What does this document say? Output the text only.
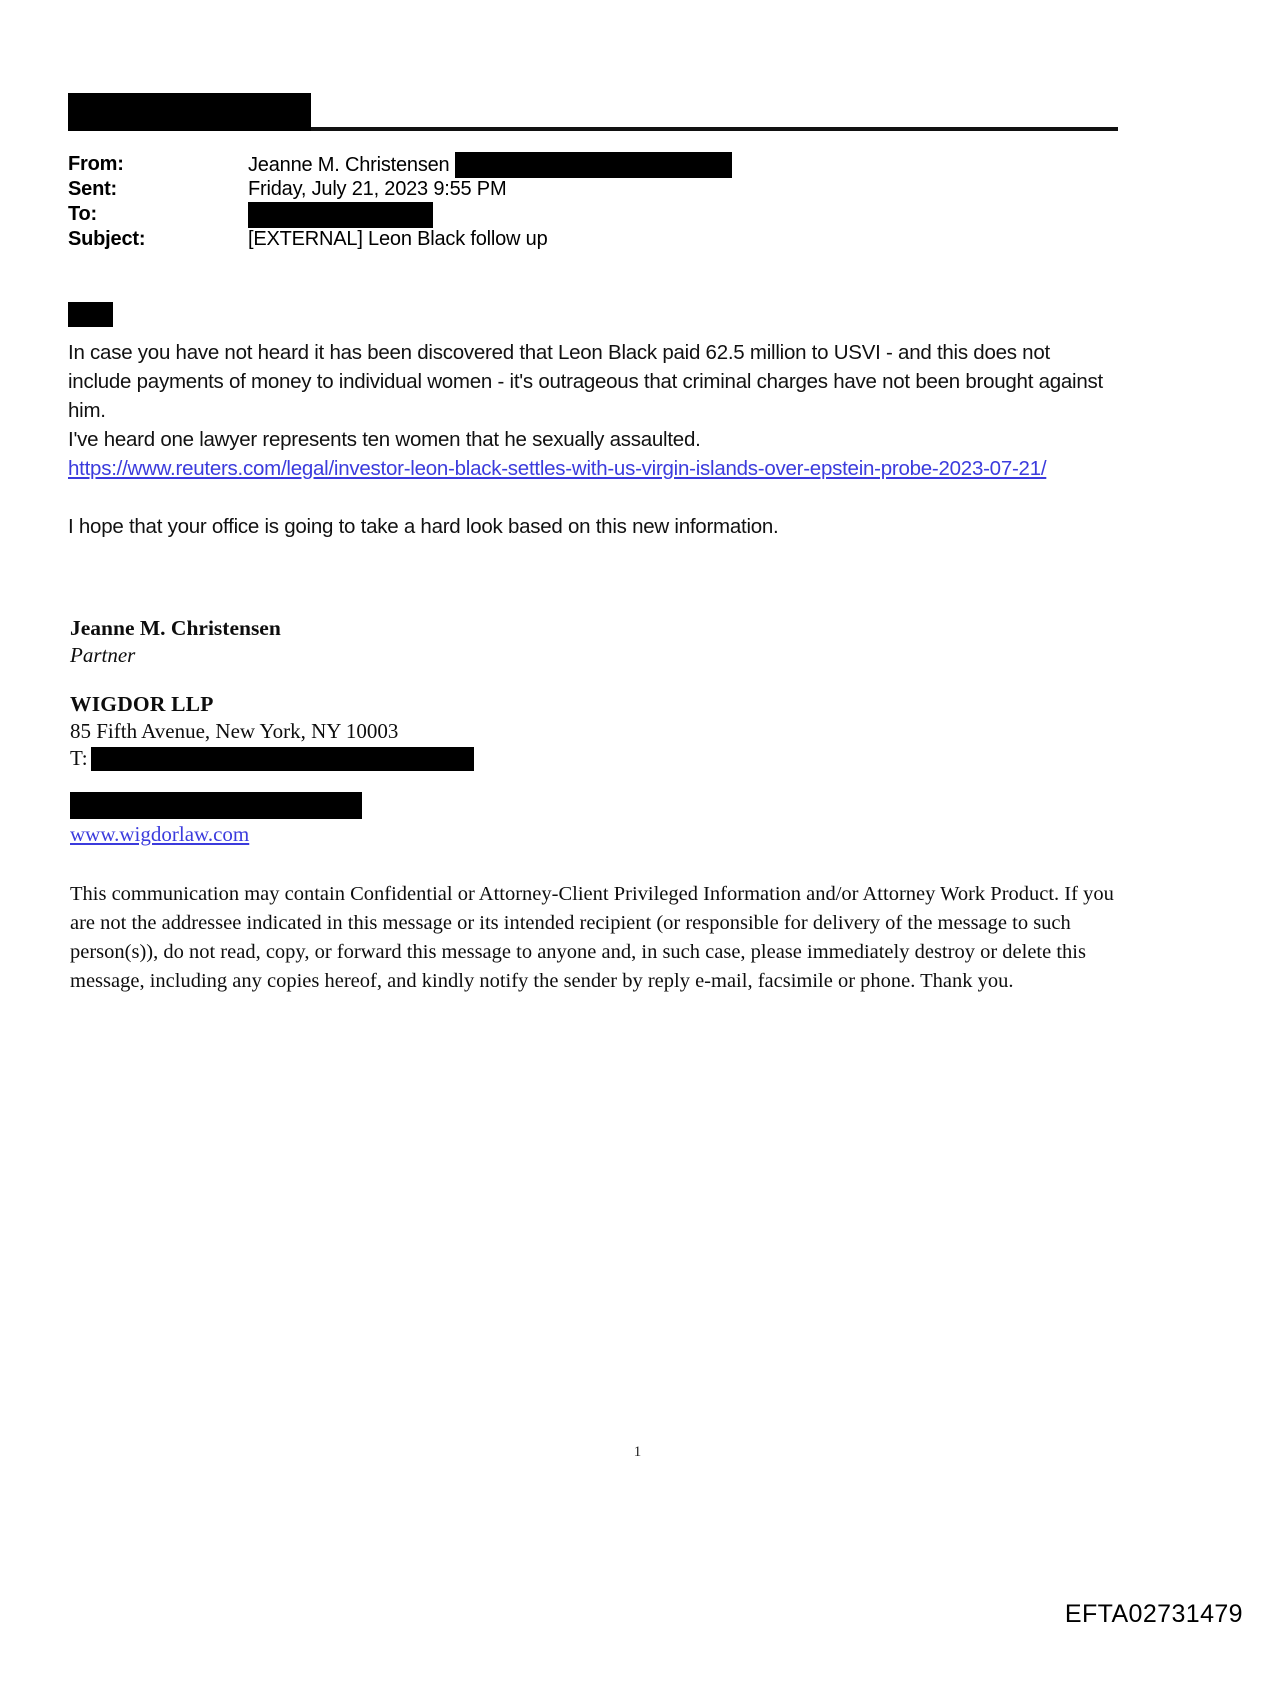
From:	Jeanne M. Christensen
Sent:	Friday, July 21, 2023 9:55 PM
To:
Subject:	[EXTERNAL] Leon Black follow up

In case you have not heard it has been discovered that Leon Black paid 62.5 million to USVI - and this does not include payments of money to individual women - it's outrageous that criminal charges have not been brought against him.

I've heard one lawyer represents ten women that he sexually assaulted.

https://www.reuters.com/legal/investor-leon-black-settles-with-us-virgin-islands-over-epstein-probe-2023-07-21/

I hope that your office is going to take a hard look based on this new information.

Jeanne M. Christensen
Partner
WIGDOR LLP
85 Fifth Avenue, New York, NY 10003
T:
www.wigdorlaw.com
This communication may contain Confidential or Attorney-Client Privileged Information and/or Attorney Work Product. If you are not the addressee indicated in this message or its intended recipient (or responsible for delivery of the message to such person(s)), do not read, copy, or forward this message to anyone and, in such case, please immediately destroy or delete this message, including any copies hereof, and kindly notify the sender by reply e-mail, facsimile or phone. Thank you.
1
EFTA02731479
